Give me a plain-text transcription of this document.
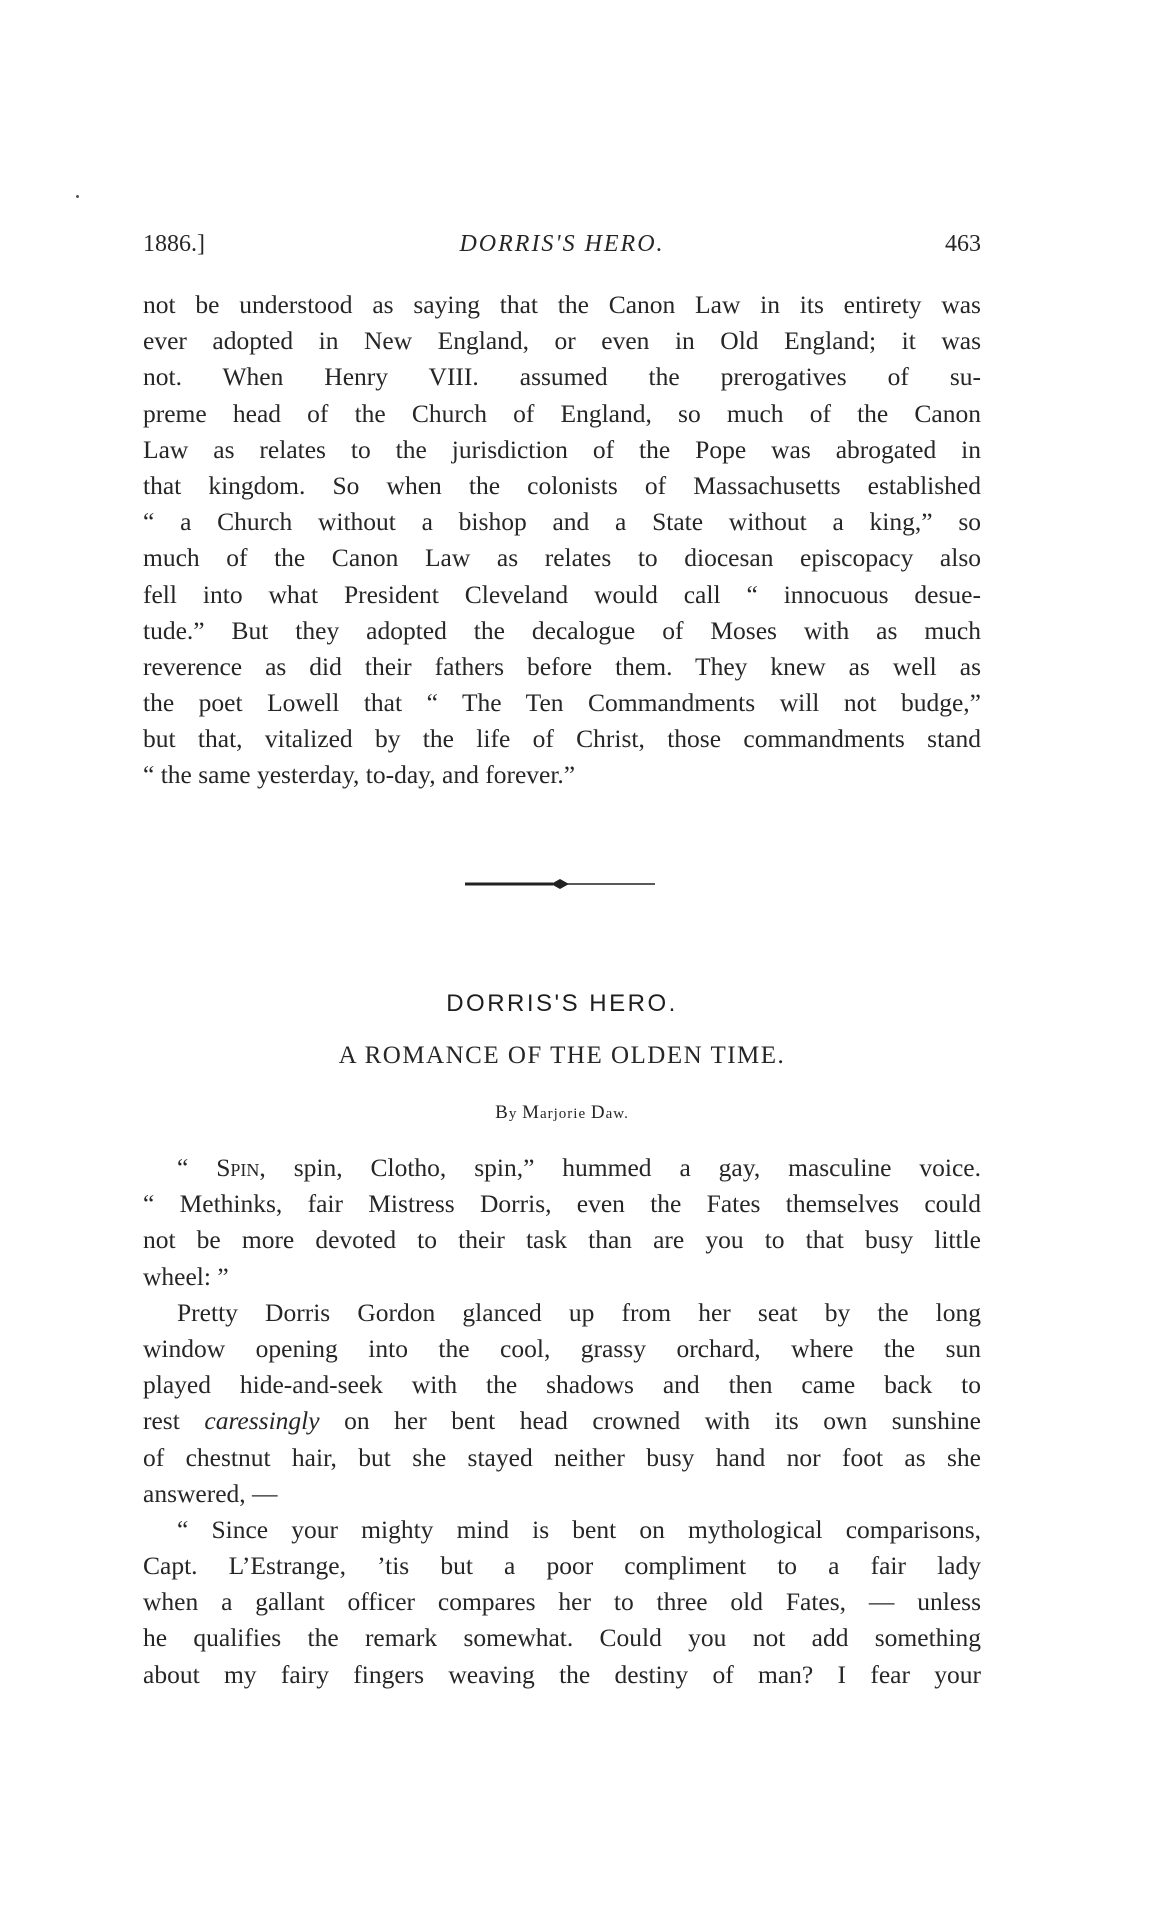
1886.]	DORRIS'S HERO.	463
not be understood as saying that the Canon Law in its entirety was
ever adopted in New England, or even in Old England; it was
not. When Henry VIII. assumed the prerogatives of su-
preme head of the Church of England, so much of the Canon
Law as relates to the jurisdiction of the Pope was abrogated in
that kingdom. So when the colonists of Massachusetts established
“ a Church without a bishop and a State without a king,” so
much of the Canon Law as relates to diocesan episcopacy also
fell into what President Cleveland would call “ innocuous desue-
tude.” But they adopted the decalogue of Moses with as much
reverence as did their fathers before them. They knew as well as
the poet Lowell that “ The Ten Commandments will not budge,”
but that, vitalized by the life of Christ, those commandments stand
“ the same yesterday, to-day, and forever.”
DORRIS'S HERO.
A ROMANCE OF THE OLDEN TIME.
By Marjorie Daw.
“ Spin, spin, Clotho, spin,” hummed a gay, masculine voice.
“ Methinks, fair Mistress Dorris, even the Fates themselves could
not be more devoted to their task than are you to that busy little
wheel: ”
Pretty Dorris Gordon glanced up from her seat by the long
window opening into the cool, grassy orchard, where the sun
played hide-and-seek with the shadows and then came back to
rest caressingly on her bent head crowned with its own sunshine
of chestnut hair, but she stayed neither busy hand nor foot as she
answered, —
“ Since your mighty mind is bent on mythological comparisons,
Capt. L’Estrange, ’tis but a poor compliment to a fair lady
when a gallant officer compares her to three old Fates, — unless
he qualifies the remark somewhat. Could you not add something
about my fairy fingers weaving the destiny of man? I fear your
